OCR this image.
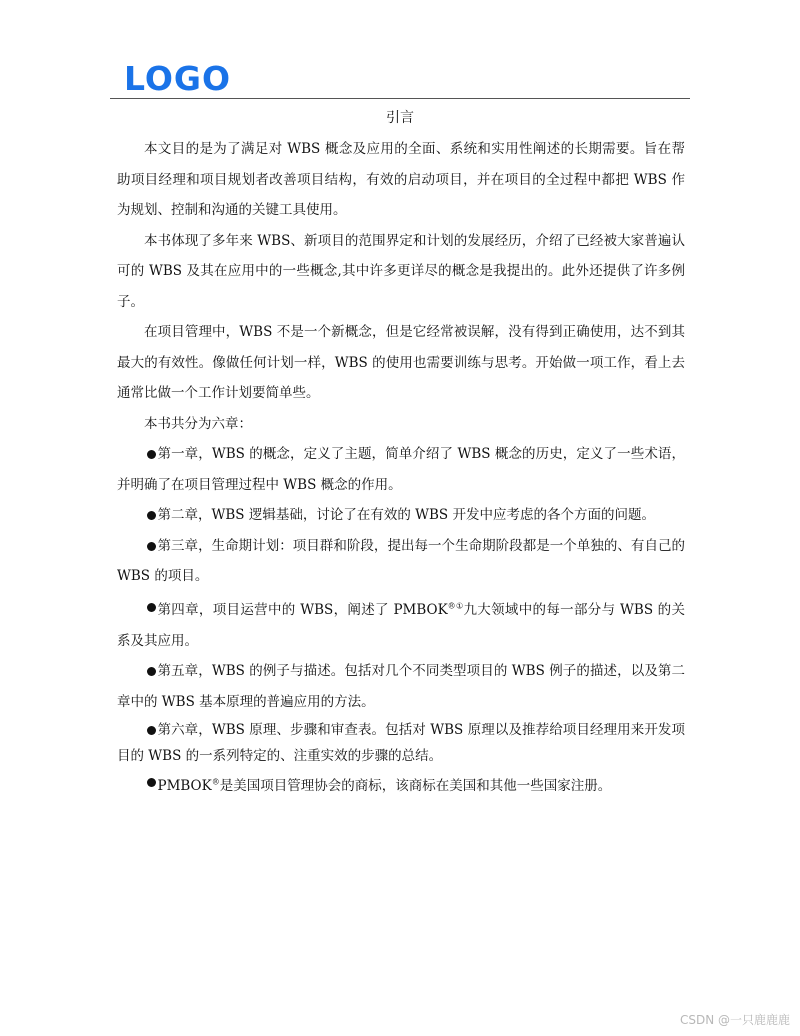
LOGO
引言

本文目的是为了满足对 WBS 概念及应用的全面、系统和实用性阐述的长期需要。旨在帮助项目经理和项目规划者改善项目结构，有效的启动项目，并在项目的全过程中都把 WBS 作为规划、控制和沟通的关键工具使用。

本书体现了多年来 WBS、新项目的范围界定和计划的发展经历，介绍了已经被大家普遍认可的 WBS 及其在应用中的一些概念,其中许多更详尽的概念是我提出的。此外还提供了许多例子。

在项目管理中，WBS 不是一个新概念，但是它经常被误解，没有得到正确使用，达不到其最大的有效性。像做任何计划一样，WBS 的使用也需要训练与思考。开始做一项工作，看上去通常比做一个工作计划要简单些。

本书共分为六章：

第一章，WBS 的概念，定义了主题，简单介绍了 WBS 概念的历史，定义了一些术语，并明确了在项目管理过程中 WBS 概念的作用。

第二章，WBS 逻辑基础，讨论了在有效的 WBS 开发中应考虑的各个方面的问题。

第三章，生命期计划：项目群和阶段，提出每一个生命期阶段都是一个单独的、有自己的 WBS 的项目。

第四章，项目运营中的 WBS，阐述了 PMBOK®①九大领域中的每一部分与 WBS 的关系及其应用。

第五章，WBS 的例子与描述。包括对几个不同类型项目的 WBS 例子的描述，以及第二章中的 WBS 基本原理的普遍应用的方法。

第六章，WBS 原理、步骤和审查表。包括对 WBS 原理以及推荐给项目经理用来开发项目的 WBS 的一系列特定的、注重实效的步骤的总结。

PMBOK®是美国项目管理协会的商标，该商标在美国和其他一些国家注册。

CSDN @一只鹿鹿鹿
